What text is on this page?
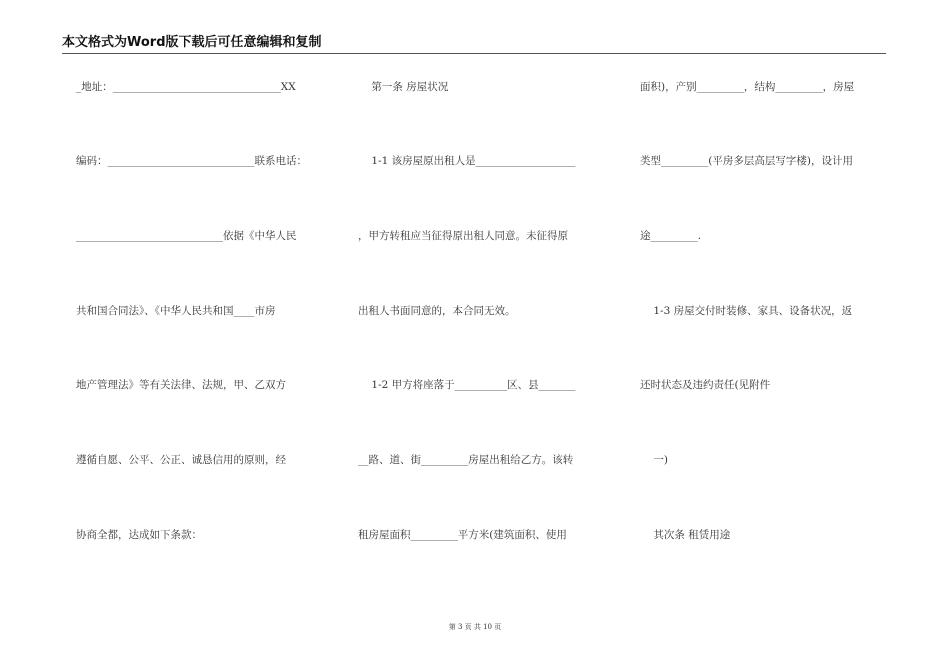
本文格式为Word版下载后可任意编辑和复制
_地址：________________________________XX
编码：____________________________联系电话：
____________________________依据《中华人民
共和国合同法》、《中华人民共和国____市房
地产管理法》等有关法律、法规，甲、乙双方
遵循自愿、公平、公正、诚恳信用的原则，经
协商全都，达成如下条款：
第一条 房屋状况
1-1 该房屋原出租人是___________________
，甲方转租应当征得原出租人同意。未征得原
出租人书面同意的，本合同无效。
1-2 甲方将座落于__________区、县_______
__路、道、街_________房屋出租给乙方。该转
租房屋面积_________平方米(建筑面积、使用
面积)，产别_________，结构_________，房屋
类型_________(平房多层高层写字楼)，设计用
途_________.
1-3 房屋交付时装修、家具、设备状况，返
还时状态及违约责任(见附件
一)
其次条 租赁用途
第 3 页 共 10 页
